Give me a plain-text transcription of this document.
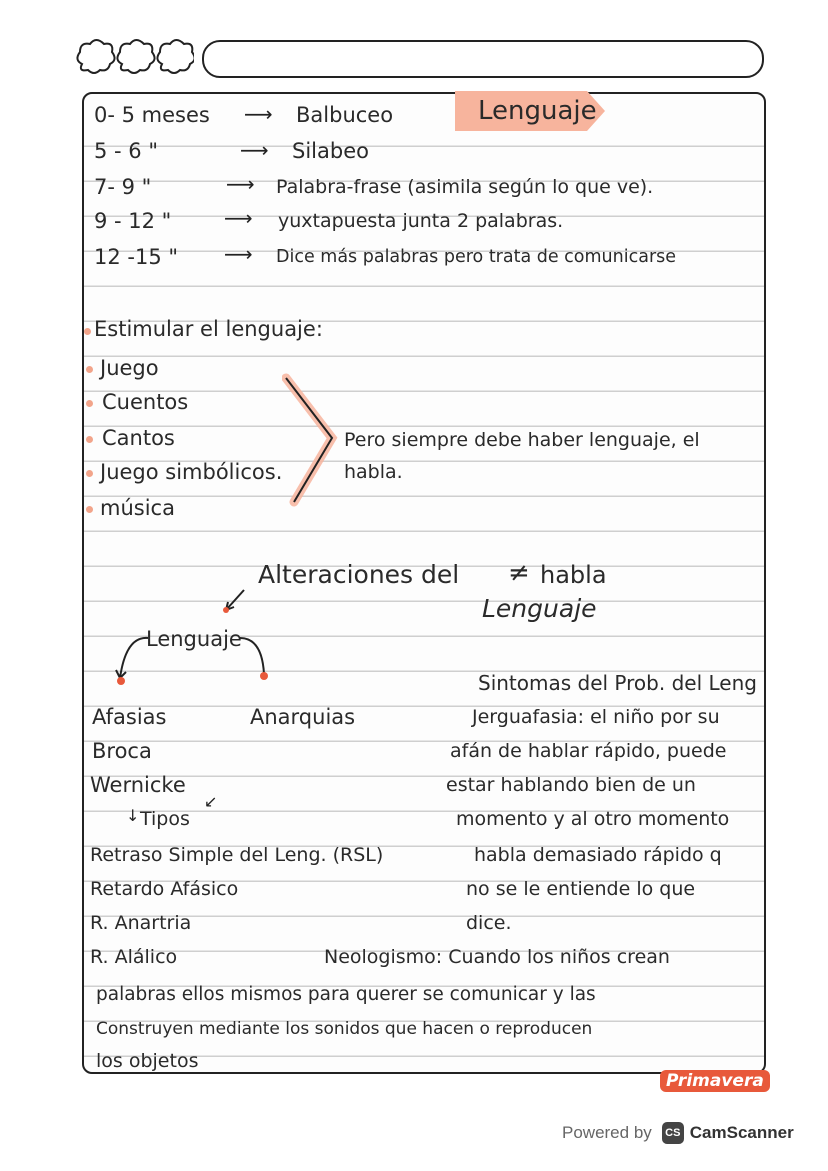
Lenguaje
0- 5 meses ⟶ Balbuceo
5 - 6 "	⟶ Silabeo
7- 9 "	⟶ Palabra-frase (asimila según lo que ve).
9 - 12 "	⟶ yuxtapuesta junta 2 palabras.
12 -15 " ⟶ Dice más palabras pero trata de comunicarse
Estimular el lenguaje:
Juego
Cuentos
Cantos
Juego simbólicos.
música
Pero siempre debe haber lenguaje, el habla.
Alteraciones del ≠ habla
Lenguaje
Lenguaje
Afasias	Anarquias
Broca
Wernicke
↓ Tipos
↙
Retraso Simple del Leng. (RSL)
Retardo Afásico
R. Anartria
R. Alálico
Sintomas del Prob. del Leng
Jerguafasia: el niño por su
afán de hablar rápido, puede
estar hablando bien de un
momento y al otro momento
habla demasiado rápido q
no se le entiende lo que
dice.
Neologismo: Cuando los niños crean
palabras ellos mismos para querer se comunicar y las
Construyen mediante los sonidos que hacen o reproducen
los objetos
Primavera
Powered by	CS CamScanner
